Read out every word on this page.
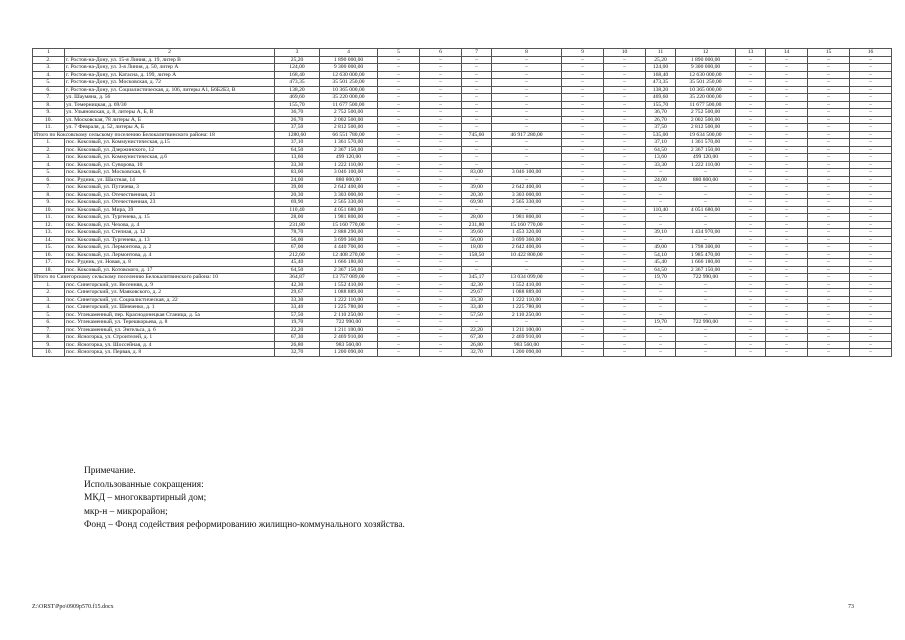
1	2	3	4	5	6	7	8	9	10	11	12	13	14	15	16
2.	г. Ростов-на-Дону, ул. 15-я Линия, д. 19, литер В	25,20	1 890 000,00	–	–	–	–	–	–	25,20	1 890 000,00	–	–	–	–
3.	г. Ростов-на-Дону, ул. 3-я Линия, д. 50, литер А	124,00	9 300 000,00	–	–	–	–	–	–	124,00	9 300 000,00	–	–	–	–
4.	г. Ростов-на-Дону, ул. Катасна, д. 199, литер А	168,40	12 630 000,00	–	–	–	–	–	–	168,40	12 630 000,00	–	–	–	–
5.	г. Ростов-на-Дону, ул. Московская, д. 72	473,35	35 501 250,00	–	–	–	–	–	–	473,35	35 501 250,00	–	–	–	–
6.	г. Ростов-на-Дону, ул. Социалистическая, д. 106, литеры А1, Б6Б2Б3, В	138,20	10 365 000,00	–	–	–	–	–	–	138,20	10 365 000,00	–	–	–	–
7.	ул. Шаумяна, д. 56	469,60	35 220 000,00	–	–	–	–	–	–	469,60	35 220 000,00	–	–	–	–
8.	ул. Темерницкая, д. 69/30	155,70	11 677 500,00	–	–	–	–	–	–	155,70	11 677 500,00	–	–	–	–
9.	ул. Ульяновская, д. 8, литеры А, Б, В	36,70	2 752 500,00	–	–	–	–	–	–	36,70	2 752 500,00	–	–	–	–
10.	ул. Московская, 78 литеры А, Б	26,70	2 002 500,00	–	–	–	–	–	–	26,70	2 002 500,00	–	–	–	–
11.	ул. 7 Февраля, д. 52, литеры А, Б	37,50	2 812 500,00	–	–	–	–	–	–	37,50	2 812 500,00	–	–	–	–
Итого по Коксовскому сельскому поселению Белокалитвинского района: 18		1280,60	66 551 780,00	–	–	745,60	46 917 280,00	–	–	535,00	19 634 500,00	–	–	–	–
1.	пос. Коксовый, ул. Коммунистическая, д.15	37,10	1 361 570,00	–	–	–	–	–	–	37,10	1 361 570,00	–	–	–	–
2.	пос. Коксовый, ул. Дзержинского, 12	64,50	2 367 150,00	–	–	–	–	–	–	64,50	2 367 150,00	–	–	–	–
3.	пос. Коксовый, ул. Коммунистическая, д.6	13,60	499 120,00	–	–	–	–	–	–	13,60	499 120,00	–	–	–	–
4.	пос. Коксовый, ул. Суворова, 10	33,30	1 222 110,00	–	–	–	–	–	–	33,30	1 222 110,00	–	–	–	–
5.	пос. Коксовый, ул. Московская, 6	83,00	3 046 100,00	–	–	83,00	3 046 100,00	–	–	–	–	–	–	–	–
6.	пос. Рудник, ул. Шахтная, 14	24,00	880 800,00	–	–	–	–	–	–	24,00	880 800,00	–	–	–	–
7.	пос. Коксовый, ул. Пугачева, 3	39,00	2 642 400,00	–	–	39,00	2 642 400,00	–	–	–	–	–	–	–	–
8.	пос. Коксовый, ул. Отечественная, 21	20,30	3 303 000,00	–	–	20,30	3 303 000,00	–	–	–	–	–	–	–	–
9.	пос. Коксовый, ул. Отечественная, 23	69,90	2 565 330,00	–	–	69,90	2 565 330,00	–	–	–	–	–	–	–	–
10.	пос. Коксовый, ул. Мира, 39	110,40	4 051 680,00	–	–	–	–	–	–	110,40	4 051 680,00	–	–	–	–
11.	пос. Коксовый, ул. Тургенева, д. 15	28,00	1 981 800,00	–	–	28,00	1 981 800,00	–	–	–	–	–	–	–	–
12.	пос. Коксовый, ул. Чехова, д. 4	231,80	15 160 770,00	–	–	231,80	15 160 770,00	–	–	–	–	–	–	–	–
13.	пос. Коксовый, ул. Степная, д. 12	78,70	2 888 290,00	–	–	39,60	1 453 320,00	–	–	39,10	1 434 970,00	–	–	–	–
14.	пос. Коксовый, ул. Тургенева, д. 13	56,00	3 699 360,00	–	–	56,00	3 699 360,00	–	–	–	–	–	–	–	–
15.	пос. Коксовый, ул. Лермонтова, д. 2	67,00	4 440 700,00	–	–	18,00	2 642 400,00	–	–	49,00	1 798 300,00	–	–	–	–
16.	пос. Коксовый, ул. Лермонтова, д. 4	212,60	12 408 270,00	–	–	158,50	10 422 800,00	–	–	54,10	1 985 470,00	–	–	–	–
17.	пос. Рудник, ул. Новая, д. 8	45,40	1 666 180,00	–	–	–	–	–	–	45,40	1 666 180,00	–	–	–	–
18.	пос. Коксовый, ул. Котовского, д. 17	64,50	2 367 150,00	–	–	–	–	–	–	64,50	2 367 150,00	–	–	–	–
Итого по Синегорскому сельскому поселению Белокалитвинского района: 10		364,87	13 757 089,00	–	–	345,17	13 034 099,00	–	–	19,70	722 990,00	–	–	–	–
1.	пос. Синегорский, ул. Весенняя, д. 9	42,30	1 552 410,00	–	–	42,30	1 552 410,00	–	–	–	–	–	–	–	–
2.	пос. Синегорский, ул. Маяковского, д. 2	29,67	1 088 889,00	–	–	29,67	1 088 889,00	–	–	–	–	–	–	–	–
3.	пос. Синегорский, ул. Социалистическая, д. 22	33,30	1 222 110,00	–	–	33,30	1 222 110,00	–	–	–	–	–	–	–	–
4.	пос. Синегорский, ул. Шевченко, д. 1	33,40	1 225 780,00	–	–	33,40	1 225 780,00	–	–	–	–	–	–	–	–
5.	пос. Углекаменный, пер. Краснодонецкая Станица, д. 5а	57,50	2 110 250,00	–	–	57,50	2 110 250,00	–	–	–	–	–	–	–	–
6.	пос. Углекаменный, ул. Терешкорьева, д. 8	19,70	722 990,00	–	–	–	–	–	–	19,70	722 990,00	–	–	–	–
7.	пос. Углекаменный, ул. Энгельса, д. 6	22,20	1 211 100,00	–	–	22,20	1 211 100,00	–	–	–	–	–	–	–	–
8.	пос. Ясногорка, ул. Строителей, д. 1	67,30	2 469 910,00	–	–	67,30	2 469 910,00	–	–	–	–	–	–	–	–
9.	пос. Ясногорка, ул. Шоссейная, д. 4	26,80	983 560,00	–	–	26,80	983 560,00	–	–	–	–	–	–	–	–
10.	пос. Ясногорка, ул. Первая, д. 8	32,70	1 200 090,00	–	–	32,70	1 200 090,00	–	–	–	–	–	–	–	–
Примечание.
Использованные сокращения:
МКД – многоквартирный дом;
мкр-н – микрорайон;
Фонд – Фонд содействия реформированию жилищно-коммунального хозяйства.
Z:\ORST\Ppo\0909p570.f15.docx	73
